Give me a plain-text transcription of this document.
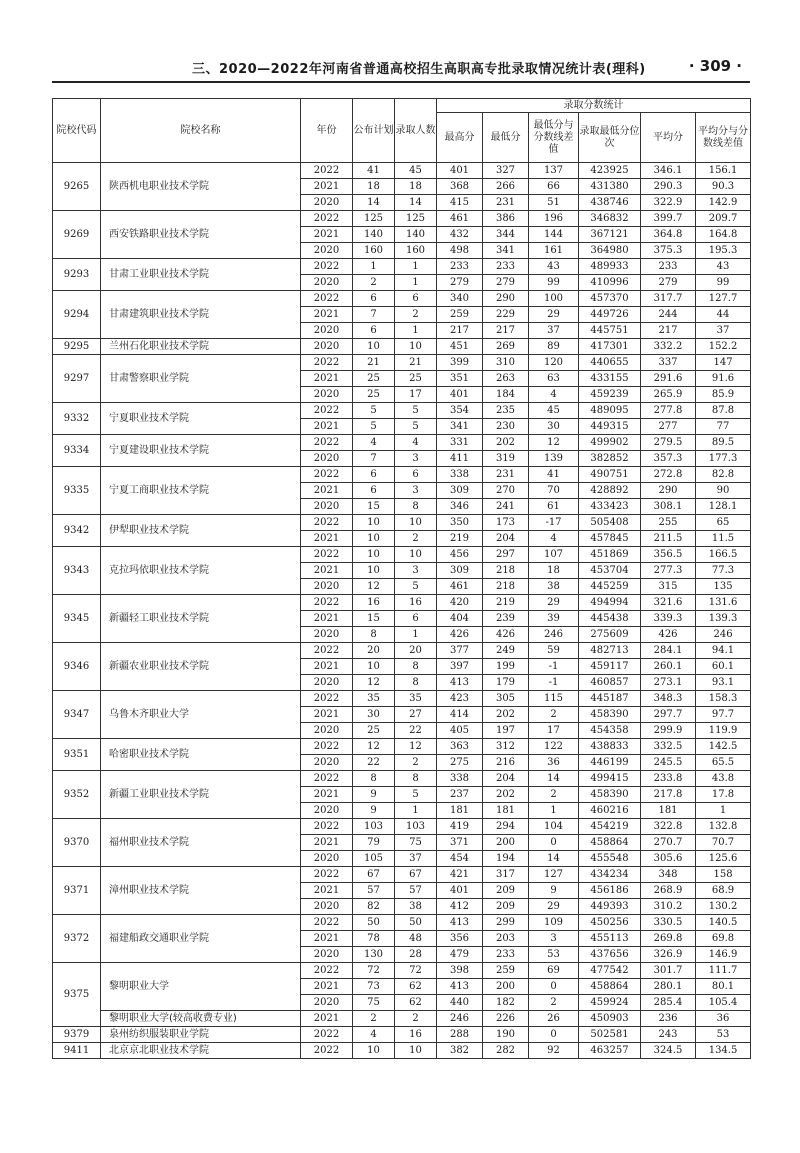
三、2020—2022年河南省普通高校招生高职高专批录取情况统计表(理科)	· 309 ·
院校代码	院校名称	年份	公布计划	录取人数	录取分数统计					
					最高分	最低分	最低分与分数线差值	录取最低分位次	平均分	平均分与分数线差值
9265	陕西机电职业技术学院	2022	41	45	401	327	137	423925	346.1	156.1
		2021	18	18	368	266	66	431380	290.3	90.3
		2020	14	14	415	231	51	438746	322.9	142.9
9269	西安铁路职业技术学院	2022	125	125	461	386	196	346832	399.7	209.7
		2021	140	140	432	344	144	367121	364.8	164.8
		2020	160	160	498	341	161	364980	375.3	195.3
9293	甘肃工业职业技术学院	2022	1	1	233	233	43	489933	233	43
		2020	2	1	279	279	99	410996	279	99
9294	甘肃建筑职业技术学院	2022	6	6	340	290	100	457370	317.7	127.7
		2021	7	2	259	229	29	449726	244	44
		2020	6	1	217	217	37	445751	217	37
9295	兰州石化职业技术学院	2020	10	10	451	269	89	417301	332.2	152.2
9297	甘肃警察职业学院	2022	21	21	399	310	120	440655	337	147
		2021	25	25	351	263	63	433155	291.6	91.6
		2020	25	17	401	184	4	459239	265.9	85.9
9332	宁夏职业技术学院	2022	5	5	354	235	45	489095	277.8	87.8
		2021	5	5	341	230	30	449315	277	77
9334	宁夏建设职业技术学院	2022	4	4	331	202	12	499902	279.5	89.5
		2020	7	3	411	319	139	382852	357.3	177.3
9335	宁夏工商职业技术学院	2022	6	6	338	231	41	490751	272.8	82.8
		2021	6	3	309	270	70	428892	290	90
		2020	15	8	346	241	61	433423	308.1	128.1
9342	伊犁职业技术学院	2022	10	10	350	173	-17	505408	255	65
		2021	10	2	219	204	4	457845	211.5	11.5
9343	克拉玛依职业技术学院	2022	10	10	456	297	107	451869	356.5	166.5
		2021	10	3	309	218	18	453704	277.3	77.3
		2020	12	5	461	218	38	445259	315	135
9345	新疆轻工职业技术学院	2022	16	16	420	219	29	494994	321.6	131.6
		2021	15	6	404	239	39	445438	339.3	139.3
		2020	8	1	426	426	246	275609	426	246
9346	新疆农业职业技术学院	2022	20	20	377	249	59	482713	284.1	94.1
		2021	10	8	397	199	-1	459117	260.1	60.1
		2020	12	8	413	179	-1	460857	273.1	93.1
9347	乌鲁木齐职业大学	2022	35	35	423	305	115	445187	348.3	158.3
		2021	30	27	414	202	2	458390	297.7	97.7
		2020	25	22	405	197	17	454358	299.9	119.9
9351	哈密职业技术学院	2022	12	12	363	312	122	438833	332.5	142.5
		2020	22	2	275	216	36	446199	245.5	65.5
9352	新疆工业职业技术学院	2022	8	8	338	204	14	499415	233.8	43.8
		2021	9	5	237	202	2	458390	217.8	17.8
		2020	9	1	181	181	1	460216	181	1
9370	福州职业技术学院	2022	103	103	419	294	104	454219	322.8	132.8
		2021	79	75	371	200	0	458864	270.7	70.7
		2020	105	37	454	194	14	455548	305.6	125.6
9371	漳州职业技术学院	2022	67	67	421	317	127	434234	348	158
		2021	57	57	401	209	9	456186	268.9	68.9
		2020	82	38	412	209	29	449393	310.2	130.2
9372	福建船政交通职业学院	2022	50	50	413	299	109	450256	330.5	140.5
		2021	78	48	356	203	3	455113	269.8	69.8
		2020	130	28	479	233	53	437656	326.9	146.9
9375	黎明职业大学	2022	72	72	398	259	69	477542	301.7	111.7
		2021	73	62	413	200	0	458864	280.1	80.1
		2020	75	62	440	182	2	459924	285.4	105.4
	黎明职业大学(较高收费专业)	2021	2	2	246	226	26	450903	236	36
9379	泉州纺织服装职业学院	2022	4	16	288	190	0	502581	243	53
9411	北京京北职业技术学院	2022	10	10	382	282	92	463257	324.5	134.5
